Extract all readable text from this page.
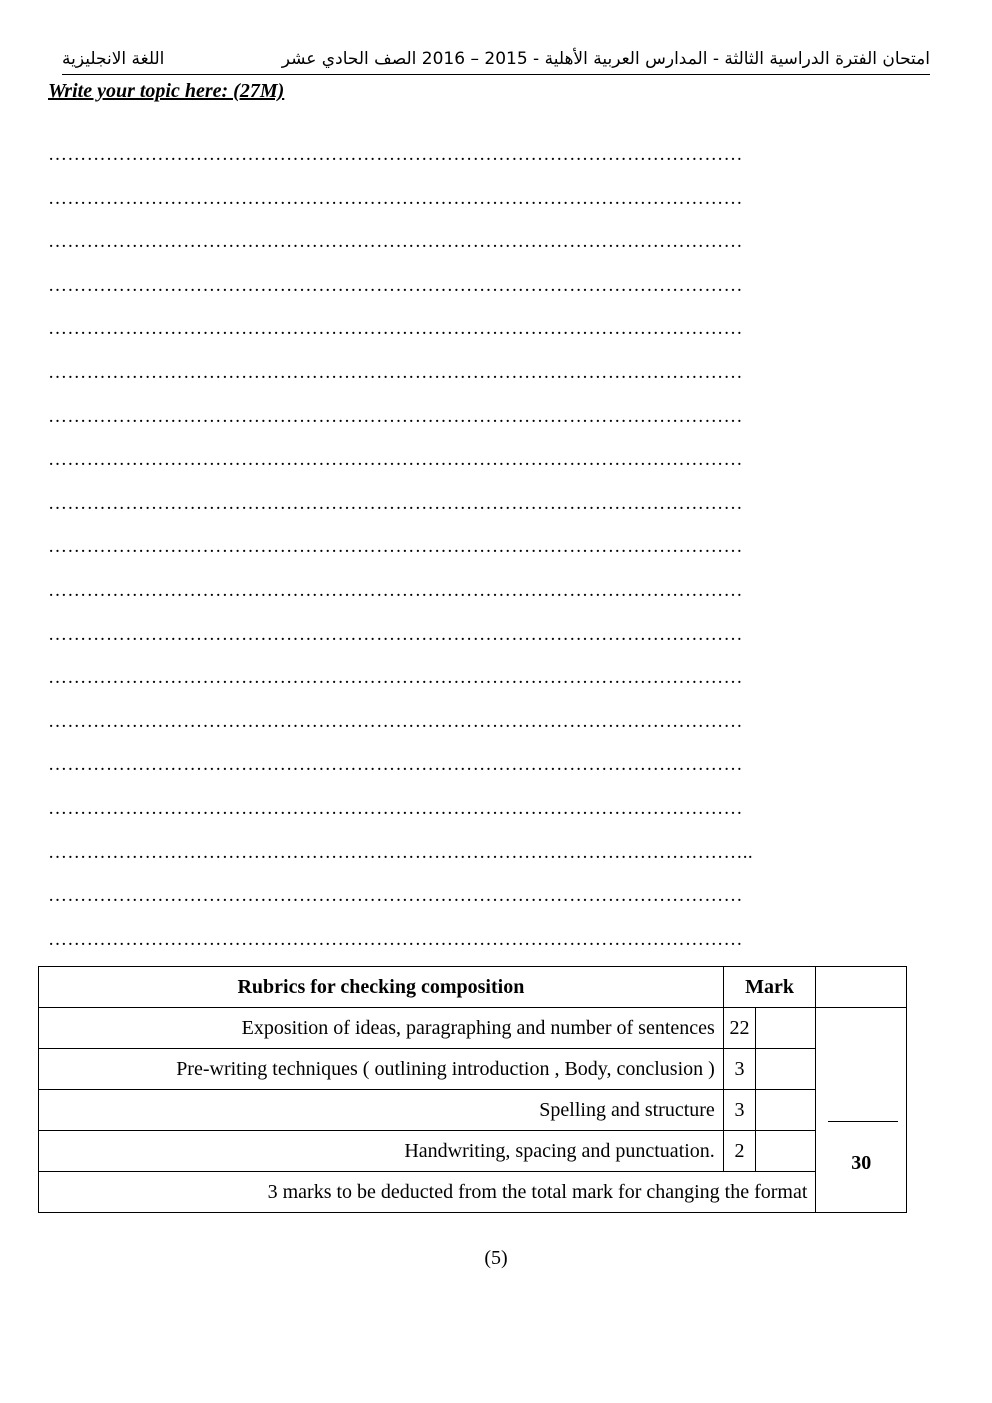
اللغة الانجليزية	امتحان الفترة الدراسية الثالثة - المدارس العربية الأهلية - 2015 – 2016 الصف الحادي عشر
Write your topic here: (27M)
………………………………………………………………………………………………
………………………………………………………………………………………………
………………………………………………………………………………………………
………………………………………………………………………………………………
………………………………………………………………………………………………
………………………………………………………………………………………………
………………………………………………………………………………………………
………………………………………………………………………………………………
………………………………………………………………………………………………
………………………………………………………………………………………………
………………………………………………………………………………………………
………………………………………………………………………………………………
………………………………………………………………………………………………
………………………………………………………………………………………………
………………………………………………………………………………………………
………………………………………………………………………………………………
………………………………………………………………………………………………..
………………………………………………………………………………………………
………………………………………………………………………………………………
Rubrics for checking composition	Mark		
Exposition of ideas, paragraphing and number of sentences	22		30

Pre-writing techniques ( outlining introduction , Body, conclusion )	3		
Spelling and structure	3		
Handwriting, spacing and punctuation.	2		
3 marks to be deducted from the total mark for changing the format			
(5)
